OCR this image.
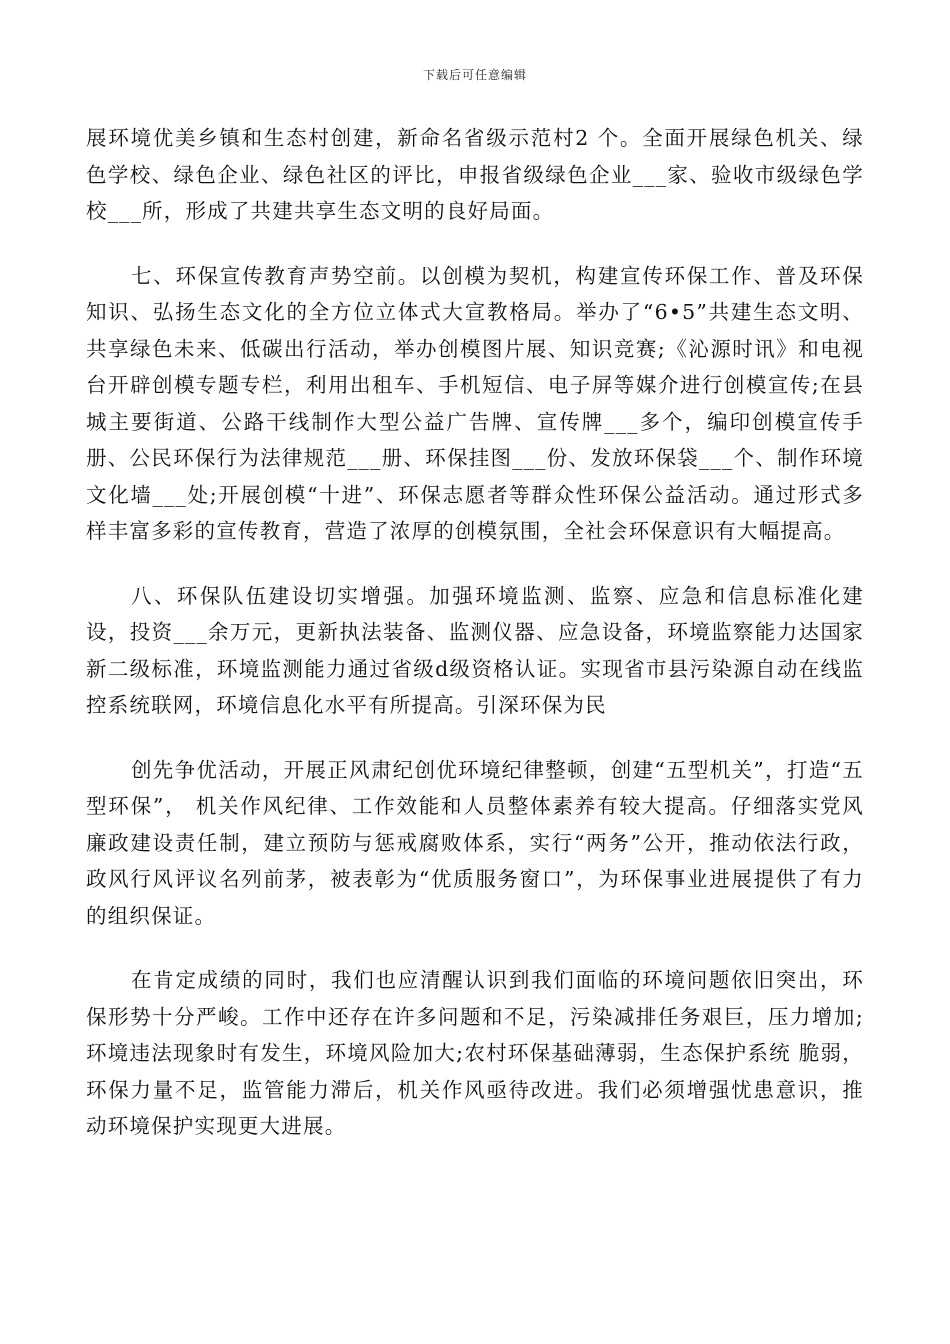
下载后可任意编辑

展环境优美乡镇和生态村创建，新命名省级示范村2 个。全面开展绿色机关、绿色学校、绿色企业、绿色社区的评比，申报省级绿色企业___家、验收市级绿色学校___所，形成了共建共享生态文明的良好局面。

七、环保宣传教育声势空前。以创模为契机，构建宣传环保工作、普及环保知识、弘扬生态文化的全方位立体式大宣教格局。举办了“6•5”共建生态文明、共享绿色未来、低碳出行活动，举办创模图片展、知识竞赛;《沁源时讯》和电视台开辟创模专题专栏，利用出租车、手机短信、电子屏等媒介进行创模宣传;在县城主要街道、公路干线制作大型公益广告牌、宣传牌___多个，编印创模宣传手册、公民环保行为法律规范___册、环保挂图___份、发放环保袋___个、制作环境文化墙___处;开展创模“十进”、环保志愿者等群众性环保公益活动。通过形式多样丰富多彩的宣传教育，营造了浓厚的创模氛围，全社会环保意识有大幅提高。

八、环保队伍建设切实增强。加强环境监测、监察、应急和信息标准化建设，投资___余万元，更新执法装备、监测仪器、应急设备，环境监察能力达国家新二级标准，环境监测能力通过省级d级资格认证。实现省市县污染源自动在线监控系统联网，环境信息化水平有所提高。引深环保为民

创先争优活动，开展正风肃纪创优环境纪律整顿，创建“五型机关”，打造“五型环保”， 机关作风纪律、工作效能和人员整体素养有较大提高。仔细落实党风廉政建设责任制，建立预防与惩戒腐败体系，实行“两务”公开，推动依法行政，政风行风评议名列前茅，被表彰为“优质服务窗口”，为环保事业进展提供了有力的组织保证。

在肯定成绩的同时，我们也应清醒认识到我们面临的环境问题依旧突出，环保形势十分严峻。工作中还存在许多问题和不足，污染减排任务艰巨，压力增加;环境违法现象时有发生，环境风险加大;农村环保基础薄弱，生态保护系统 脆弱，环保力量不足，监管能力滞后，机关作风亟待改进。我们必须增强忧患意识，推动环境保护实现更大进展。
